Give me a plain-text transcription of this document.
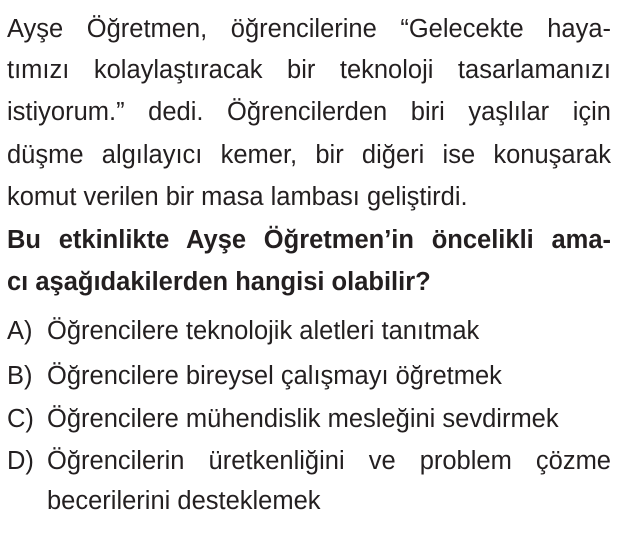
Ayşe Öğretmen, öğrencilerine “Gelecekte haya-
tımızı kolaylaştıracak bir teknoloji tasarlamanızı
istiyorum.” dedi. Öğrencilerden biri yaşlılar için
düşme algılayıcı kemer, bir diğeri ise konuşarak
komut verilen bir masa lambası geliştirdi.
Bu etkinlikte Ayşe Öğretmen’in öncelikli ama-
cı aşağıdakilerden hangisi olabilir?
A) Öğrencilere teknolojik aletleri tanıtmak
B) Öğrencilere bireysel çalışmayı öğretmek
C) Öğrencilere mühendislik mesleğini sevdirmek
D) Öğrencilerin üretkenliğini ve problem çözme
becerilerini desteklemek
